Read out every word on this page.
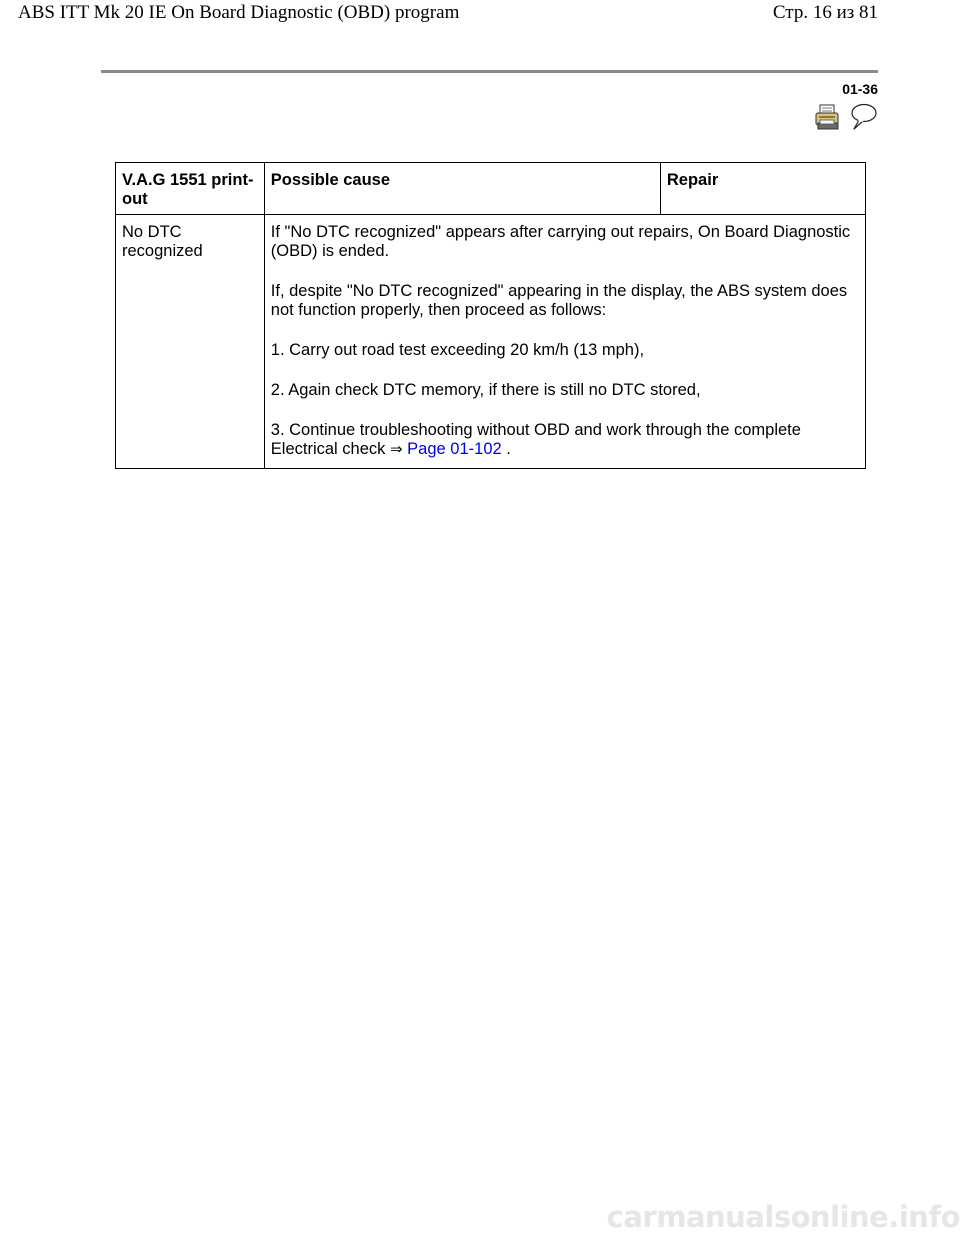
ABS ITT Mk 20 IE On Board Diagnostic (OBD) program	Стр. 16 из 81
01-36
V.A.G 1551 print-out	Possible cause	Repair
No DTC recognized	If "No DTC recognized" appears after carrying out repairs, On Board Diagnostic (OBD) is ended.

If, despite "No DTC recognized" appearing in the display, the ABS system does not function properly, then proceed as follows:

1. Carry out road test exceeding 20 km/h (13 mph),

2. Again check DTC memory, if there is still no DTC stored,

3. Continue troubleshooting without OBD and work through the complete Electrical check ⇒ Page 01-102 .	

carmanualsonline.info
